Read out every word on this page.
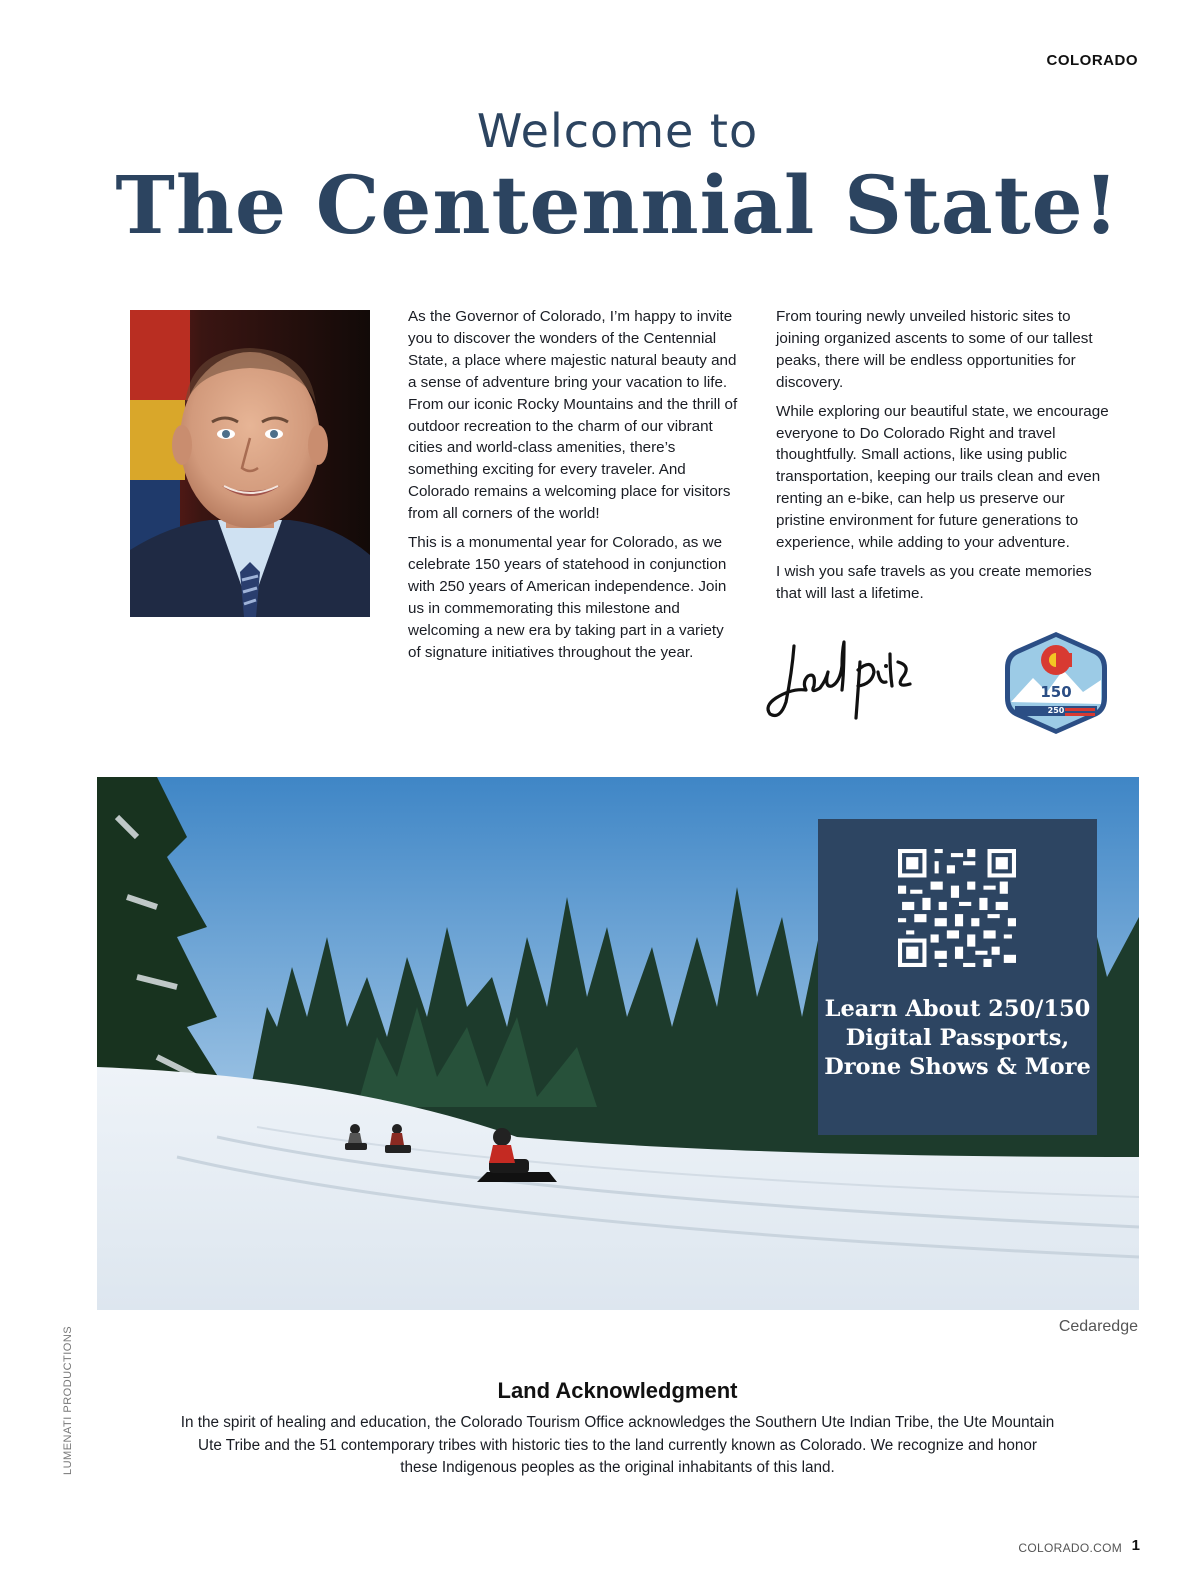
COLORADO
Welcome to
The Centennial State!

As the Governor of Colorado, I’m happy to invite you to discover the wonders of the Centennial State, a place where majestic natural beauty and a sense of adventure bring your vacation to life. From our iconic Rocky Mountains and the thrill of outdoor recreation to the charm of our vibrant cities and world-class amenities, there’s something exciting for every traveler. And Colorado remains a welcoming place for visitors from all corners of the world!

This is a monumental year for Colorado, as we celebrate 150 years of statehood in conjunction with 250 years of American independence. Join us in commemorating this milestone and welcoming a new era by taking part in a variety of signature initiatives throughout the year.

From touring newly unveiled historic sites to joining organized ascents to some of our tallest peaks, there will be endless opportunities for discovery.

While exploring our beautiful state, we encourage everyone to Do Colorado Right and travel thoughtfully. Small actions, like using public transportation, keeping our trails clean and even renting an e-bike, can help us preserve our pristine environment for future generations to experience, while adding to your adventure.

I wish you safe travels as you create memories that will last a lifetime.

150
250
Learn About 250/150 Digital Passports, Drone Shows & More
Cedaredge
LUMENATI PRODUCTIONS	Land Acknowledgment
In the spirit of healing and education, the Colorado Tourism Office acknowledges the Southern Ute Indian Tribe, the Ute Mountain Ute Tribe and the 51 contemporary tribes with historic ties to the land currently known as Colorado. We recognize and honor these Indigenous peoples as the original inhabitants of this land.
COLORADO.COM 1
